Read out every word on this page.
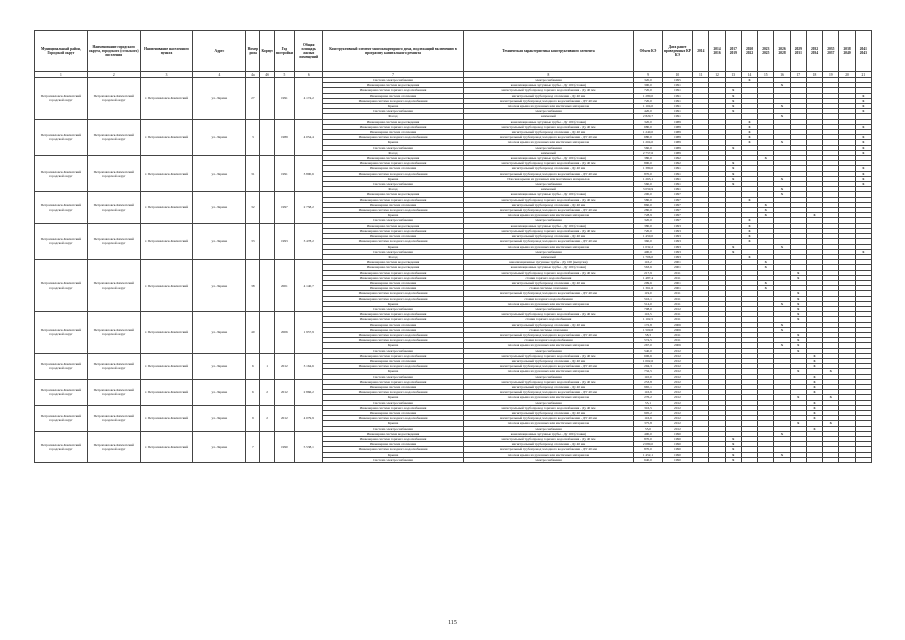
Муниципальный район, Городской округ	Наименование городского округа, городского (сельского) поселения	Наименование населенного пункта	Адрес	Номер дома	Корпус	Год постройки	Общая площадь жилых помещений	Конструктивный элемент многоквартирного дома, подлежащий включению в программу капитального ремонта	Техническая характеристика конструктивного элемента	Объем КЭ	Дата ранее проведенных КР КЭ	2014	2014 2016	2017 2019	2020 2022	2023 2025	2026 2028	2029 2031	2032 2034	2035 2037	2038 2040	2041 2043
1	2	3	4	4а	4б	5	6	7	8	9	10	11	12	13	14	15	16	17	18	19	20	21
Петропавловск-Камчатский городской округ	Петропавловск-Камчатский городской округ	г. Петропавловск-Камчатский	ул. Ларина	27		1991	4 174,2	Система электроснабжения	электроснабжения	320,0	1995				X							
								Инженерная система водоотведения	канализационные чугунные трубы - Ду 100 (стояки)	390,0	1991						X					
								Инженерная система горячего водоснабжения	магистральный трубопровод горячего водоснабжения - Ду 40 мм	720,0	1991			X								
								Инженерная система отопления	магистральный трубопровод отопления - Ду 40 мм	1 280,0	1991			X								X
								Инженерная система холодного водоснабжения	магистральный трубопровод холодного водоснабжения - ДУ 40 мм	720,0	1991			X								X
								Крыша	плоская крыша из рулонных или мастичных материалов	1 104,0	1991			X			X					X
								Система электроснабжения	электроснабжения	420,0	1991			X								X
								Фасад	камменый	2 829,7	1991						X					
Петропавловск-Камчатский городской округ	Петропавловск-Камчатский городской округ	г. Петропавловск-Камчатский	ул. Ларина	3		1989	4 054,4	Инженерная система водоотведения	канализационные чугунные трубы - Ду 100 (стояки)	320,0	1989				X							
								Инженерная система горячего водоснабжения	магистральный трубопровод горячего водоснабжения - Ду 40 мм	680,0	1989				X							X
								Инженерная система отопления	магистральный трубопровод отопления - Ду 40 мм	1 240,0	1989				X							
								Инженерная система холодного водоснабжения	магистральный трубопровод холодного водоснабжения - ДУ 40 мм	680,0	1989				X							X
								Крыша	плоская крыша из рулонных или мастичных материалов	1 204,0	1989				X		X					X
								Система электроснабжения	электроснабжения	560,0	1989			X								X
								Фасад	камменый	2 757,6	1989											X
Петропавловск-Камчатский городской округ	Петропавловск-Камчатский городской округ	г. Петропавловск-Камчатский	ул. Ларина	31		1991	3 890,6	Инженерная система водоотведения	канализационные чугунные трубы - Ду 100 (стояки)	380,0	1992					X						
								Инженерная система горячего водоснабжения	магистральный трубопровод горячего водоснабжения - Ду 40 мм	890,0	1992			X								
								Инженерная система отопления	магистральный трубопровод отопления - Ду 40 мм	1 380,0	1991			X								X
								Инженерная система холодного водоснабжения	магистральный трубопровод холодного водоснабжения - ДУ 40 мм	870,0	1991			X								X
								Крыша	Плоская крыша из рулонных или мастичных материалов	1 263,1	1991			X			X					X
								Система электроснабжения	электроснабжения	560,0	1991			X								X
								Фасад	камменый	3 059,9	1991						X					
Петропавловск-Камчатский городской округ	Петропавловск-Камчатский городской округ	г. Петропавловск-Камчатский	ул. Ларина	32		1997	2 758,2	Инженерная система водоотведения	канализационные чугунные трубы - Ду 100 (стояки)	200,0	1997						X					
								Инженерная система горячего водоснабжения	магистральный трубопровод горячего водоснабжения - Ду 40 мм	580,0	1997				X							
								Инженерная система отопления	магистральный трубопровод отопления - Ду 40 мм	860,0	1997					X						
								Инженерная система холодного водоснабжения	магистральный трубопровод холодного водоснабжения - ДУ 40 мм	280,0	1997					X						
								Крыша	плоская крыша из рулонных или мастичных материалов	728,9	1997					X			X			
								Система электроснабжения	электроснабжения	320,0	1997				X							
Петропавловск-Камчатский городской округ	Петропавловск-Камчатский городской округ	г. Петропавловск-Камчатский	ул. Ларина	33		1993	3 478,2	Инженерная система водоотведения	канализационные чугунные трубы - Ду 100 (стояки)	380,0	1993				X							
								Инженерная система горячего водоснабжения	магистральный трубопровод горячего водоснабжения - Ду 40 мм	720,0	1993				X							
								Инженерная система отопления	магистральный трубопровод отопления - Ду 40 мм	1 450,0	1993				X							
								Инженерная система холодного водоснабжения	магистральный трубопровод холодного водоснабжения - ДУ 40 мм	360,0	1993				X							
								Крыша	плоская крыша из рулонных или мастичных материалов	1 032,2	1993			X			X					
								Система электроснабжения	электроснабжения	400,0	1993			X								X
								Фасад	камменый	1 706,0	1993				X							
Петропавловск-Камчатский городской округ	Петропавловск-Камчатский городской округ	г. Петропавловск-Камчатский	ул. Ларина	38		2001	4 140,7	Инженерная система водоотведения	канализационные чугунные трубы - Ду 100 (выпуски)	116,2	2001					X						
								Инженерная система водоотведения	канализационные чугунные трубы - Ду 100 (стояки)	563,6	2001					X						
								Инженерная система горячего водоснабжения	магистральный трубопровод горячего водоснабжения - Ду 40 мм	217,9	2011							X				
								Инженерная система горячего водоснабжения	стояки горячего водоснабжения	1 487,4	2011							X				
								Инженерная система отопления	магистральный трубопровод отопления - Ду 40 мм	299,6	2001					X						
								Инженерная система отопления	стояки системы отопления	1 361,6	2001					X						
								Инженерная система холодного водоснабжения	магистральный трубопровод холодного водоснабжения - ДУ 40 мм	119,0	2011							X				
								Инженерная система холодного водоснабжения	стояки холодного водоснабжения	516,1	2011							X				
								Крыша	плоская крыша из рулонных или мастичных материалов	514,0	2011						X	X				
								Система электроснабжения	электроснабжения	708,0	2012							X				
Петропавловск-Камчатский городской округ	Петропавловск-Камчатский городской округ	г. Петропавловск-Камчатский	ул. Ларина	40		2006	1 957,9	Инженерная система горячего водоснабжения	магистральный трубопровод горячего водоснабжения - Ду 40 мм	116,5	2011							X				
								Инженерная система горячего водоснабжения	стояки горячего водоснабжения	1 102,5	2011							X				
								Инженерная система отопления	магистральный трубопровод отопления - Ду 40 мм	172,8	2006						X					
								Инженерная система отопления	стояки системы отопления	1 509,8	2006						X					
								Инженерная система холодного водоснабжения	магистральный трубопровод холодного водоснабжения - ДУ 40 мм	58,3	2011							X				
								Инженерная система холодного водоснабжения	стояки холодного водоснабжения	574,5	2011							X				
								Крыша	плоская крыша из рулонных или мастичных материалов	267,0	2006						X	X				
								Система электроснабжения	электроснабжения	540,0	2012							X				
Петропавловск-Камчатский городской округ	Петропавловск-Камчатский городской округ	г. Петропавловск-Камчатский	ул. Ларина	6	1	2012	3 164,6	Инженерная система горячего водоснабжения	магистральный трубопровод горячего водоснабжения - Ду 40 мм	606,6	2012								X			
								Инженерная система отопления	магистральный трубопровод отопления - Ду 40 мм	1 002,6	2012								X			
								Инженерная система холодного водоснабжения	магистральный трубопровод холодного водоснабжения - ДУ 40 мм	294,3	2012								X			
								Крыша	плоская крыша из рулонных или мастичных материалов	732,5	2012							X		X		
								Система электроснабжения	электроснабжения	110,0	2012								X			
Петропавловск-Камчатский городской округ	Петропавловск-Камчатский городской округ	г. Петропавловск-Камчатский	ул. Ларина	6	2	2012	2 866,2	Инженерная система горячего водоснабжения	магистральный трубопровод горячего водоснабжения - Ду 40 мм	253,8	2012								X			
								Инженерная система отопления	магистральный трубопровод отопления - Ду 40 мм	965,1	2012								X			
								Инженерная система холодного водоснабжения	магистральный трубопровод холодного водоснабжения - ДУ 40 мм	116,9	2012								X			
								Крыша	плоская крыша из рулонных или мастичных материалов	276,2	2012							X		X		
								Система электроснабжения	электроснабжения	55,1	2012								X			
Петропавловск-Камчатский городской округ	Петропавловск-Камчатский городской округ	г. Петропавловск-Камчатский	ул. Ларина	9	2	2012	4 079,9	Инженерная система горячего водоснабжения	магистральный трубопровод горячего водоснабжения - Ду 40 мм	316,5	2012								X			
								Инженерная система отопления	магистральный трубопровод отопления - Ду 40 мм	905,2	2012								X			
								Инженерная система холодного водоснабжения	магистральный трубопровод холодного водоснабжения - ДУ 40 мм	116,9	2012								X			
								Крыша	плоская крыша из рулонных или мастичных материалов	375,8	2012							X		X		
								Система электроснабжения	электроснабжения	55,0	2012								X			
Петропавловск-Камчатский городской округ	Петропавловск-Камчатский городской округ	г. Петропавловск-Камчатский	ул. Ларина	7		1990	5 538,1	Инженерная система водоотведения	канализационные чугунные трубы - Ду 100 (стояки)	400,0	1990						X					
								Инженерная система горячего водоснабжения	магистральный трубопровод горячего водоснабжения - Ду 40 мм	870,0	1990			X								
								Инженерная система отопления	магистральный трубопровод отопления - Ду 40 мм	2 080,0	1990			X								
								Инженерная система холодного водоснабжения	магистральный трубопровод холодного водоснабжения - ДУ 40 мм	870,0	1990			X								
								Крыша	плоская крыша из рулонных или мастичных материалов	1 452,1	1990			X			X					
								Система электроснабжения	электроснабжения	640,0	1990			X								
115
